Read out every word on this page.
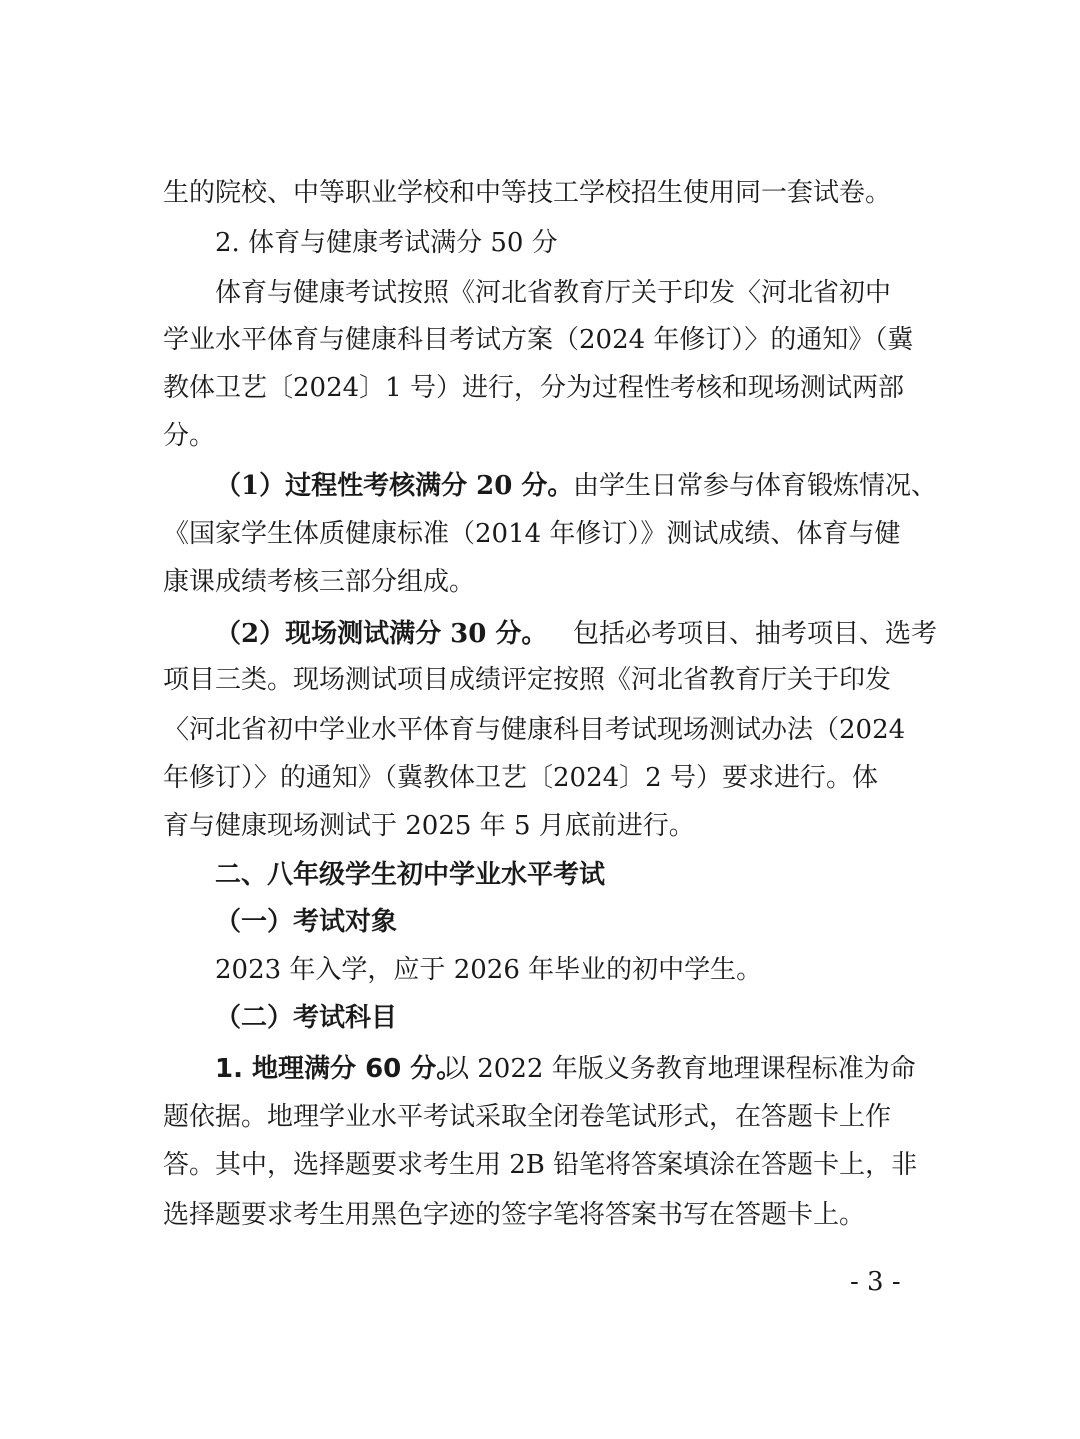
生的院校、中等职业学校和中等技工学校招生使用同一套试卷。
2. 体育与健康考试满分 50 分
体育与健康考试按照《河北省教育厅关于印发〈河北省初中
学业水平体育与健康科目考试方案（2024 年修订）〉的通知》（冀
教体卫艺〔2024〕1 号）进行，分为过程性考核和现场测试两部
分。
（1）过程性考核满分 20 分。 由学生日常参与体育锻炼情况、
《国家学生体质健康标准（2014 年修订）》测试成绩、体育与健
康课成绩考核三部分组成。
（2）现场测试满分 30 分。 包括必考项目、抽考项目、选考
项目三类。现场测试项目成绩评定按照《河北省教育厅关于印发
〈河北省初中学业水平体育与健康科目考试现场测试办法（2024
年修订）〉的通知》（冀教体卫艺〔2024〕2 号）要求进行。体
育与健康现场测试于 2025 年 5 月底前进行。
二、八年级学生初中学业水平考试
（一）考试对象
2023 年入学，应于 2026 年毕业的初中学生。
（二）考试科目
1. 地理满分 60 分。
以 2022 年版义务教育地理课程标准为命
题依据。地理学业水平考试采取全闭卷笔试形式，在答题卡上作
答。其中，选择题要求考生用 2B 铅笔将答案填涂在答题卡上，非
选择题要求考生用黑色字迹的签字笔将答案书写在答题卡上。
- 3 -
